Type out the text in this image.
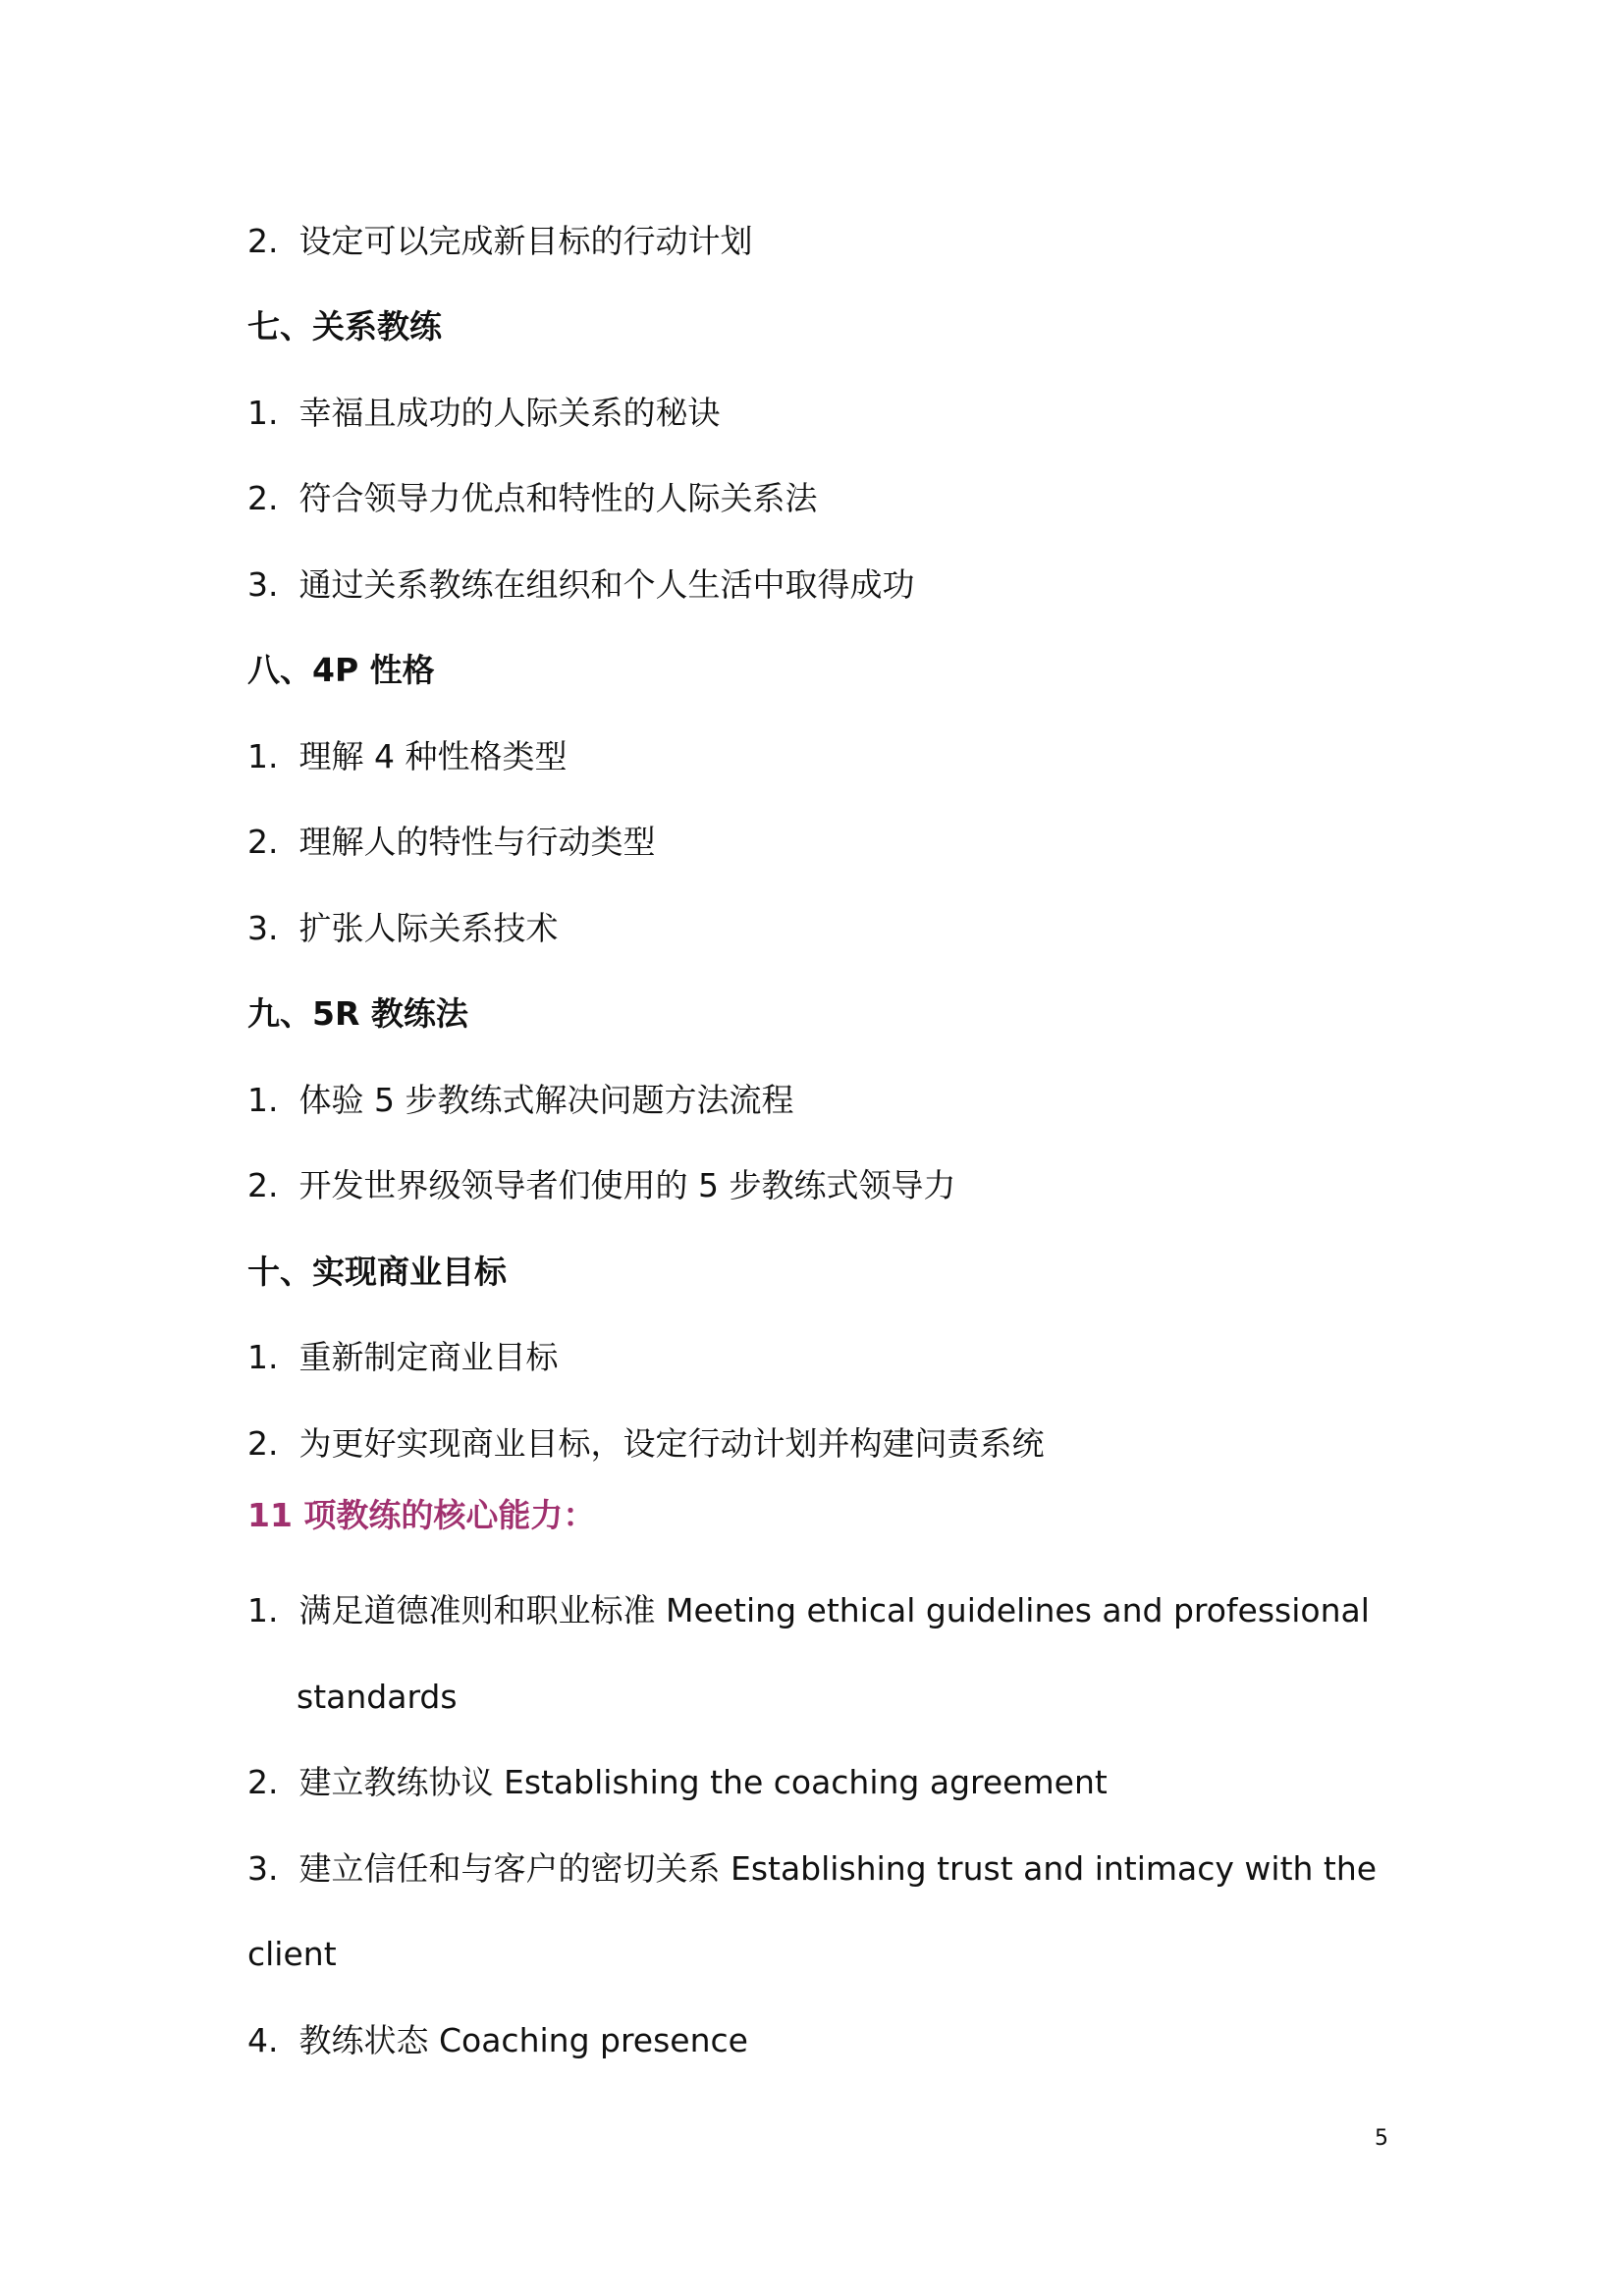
2. 设定可以完成新目标的行动计划
七、关系教练
1. 幸福且成功的人际关系的秘诀
2. 符合领导力优点和特性的人际关系法
3. 通过关系教练在组织和个人生活中取得成功
八、4P 性格
1. 理解 4 种性格类型
2. 理解人的特性与行动类型
3. 扩张人际关系技术
九、5R 教练法
1. 体验 5 步教练式解决问题方法流程
2. 开发世界级领导者们使用的 5 步教练式领导力
十、实现商业目标
1. 重新制定商业目标
2. 为更好实现商业目标，设定行动计划并构建问责系统
11 项教练的核心能力：
1. 满足道德准则和职业标准 Meeting ethical guidelines and professional
standards
2. 建立教练协议 Establishing the coaching agreement
3. 建立信任和与客户的密切关系 Establishing trust and intimacy with the
client
4. 教练状态 Coaching presence
5
